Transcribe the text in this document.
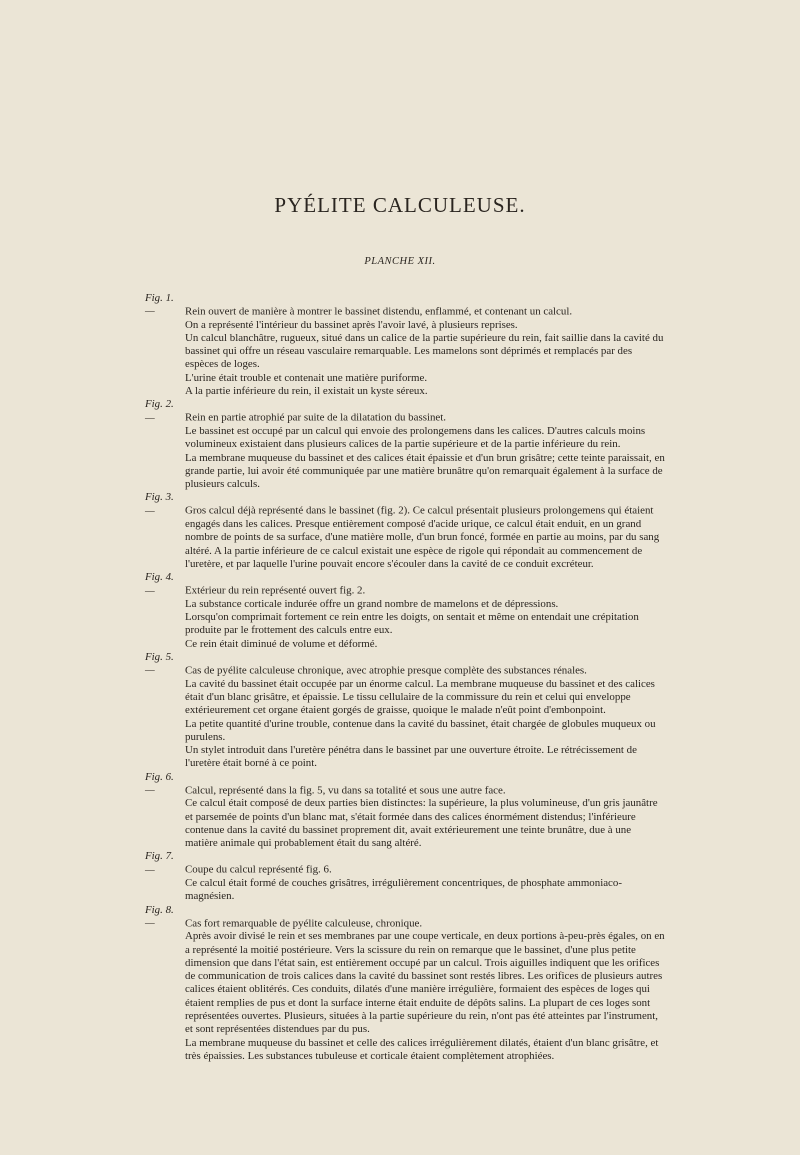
PYÉLITE CALCULEUSE.
PLANCHE XII.

Fig. 1. —	Rein ouvert de manière à montrer le bassinet distendu, enflammé, et contenant un calcul.

On a représenté l'intérieur du bassinet après l'avoir lavé, à plusieurs reprises.

Un calcul blanchâtre, rugueux, situé dans un calice de la partie supérieure du rein, fait saillie dans la cavité du bassinet qui offre un réseau vasculaire remarquable. Les mamelons sont déprimés et remplacés par des espèces de loges.

L'urine était trouble et contenait une matière puriforme.

A la partie inférieure du rein, il existait un kyste séreux.

Fig. 2. —	Rein en partie atrophié par suite de la dilatation du bassinet.

Le bassinet est occupé par un calcul qui envoie des prolongemens dans les calices. D'autres calculs moins volumineux existaient dans plusieurs calices de la partie supérieure et de la partie inférieure du rein.

La membrane muqueuse du bassinet et des calices était épaissie et d'un brun grisâtre; cette teinte paraissait, en grande partie, lui avoir été communiquée par une matière brunâtre qu'on remarquait également à la surface de plusieurs calculs.

Fig. 3. —	Gros calcul déjà représenté dans le bassinet (fig. 2). Ce calcul présentait plusieurs prolongemens qui étaient engagés dans les calices. Presque entièrement composé d'acide urique, ce calcul était enduit, en un grand nombre de points de sa surface, d'une matière molle, d'un brun foncé, formée en partie au moins, par du sang altéré. A la partie inférieure de ce calcul existait une espèce de rigole qui répondait au commencement de l'uretère, et par laquelle l'urine pouvait encore s'écouler dans la cavité de ce conduit excréteur.

Fig. 4. —	Extérieur du rein représenté ouvert fig. 2.

La substance corticale indurée offre un grand nombre de mamelons et de dépressions.

Lorsqu'on comprimait fortement ce rein entre les doigts, on sentait et même on entendait une crépitation produite par le frottement des calculs entre eux.

Ce rein était diminué de volume et déformé.

Fig. 5. —	Cas de pyélite calculeuse chronique, avec atrophie presque complète des substances rénales.

La cavité du bassinet était occupée par un énorme calcul. La membrane muqueuse du bassinet et des calices était d'un blanc grisâtre, et épaissie. Le tissu cellulaire de la commissure du rein et celui qui enveloppe extérieurement cet organe étaient gorgés de graisse, quoique le malade n'eût point d'embonpoint.

La petite quantité d'urine trouble, contenue dans la cavité du bassinet, était chargée de globules muqueux ou purulens.

Un stylet introduit dans l'uretère pénétra dans le bassinet par une ouverture étroite. Le rétrécissement de l'uretère était borné à ce point.

Fig. 6. —	Calcul, représenté dans la fig. 5, vu dans sa totalité et sous une autre face.

Ce calcul était composé de deux parties bien distinctes: la supérieure, la plus volumineuse, d'un gris jaunâtre et parsemée de points d'un blanc mat, s'était formée dans des calices énormément distendus; l'inférieure contenue dans la cavité du bassinet proprement dit, avait extérieurement une teinte brunâtre, due à une matière animale qui probablement était du sang altéré.

Fig. 7. —	Coupe du calcul représenté fig. 6.

Ce calcul était formé de couches grisâtres, irrégulièrement concentriques, de phosphate ammoniaco-magnésien.

Fig. 8. —	Cas fort remarquable de pyélite calculeuse, chronique.

Après avoir divisé le rein et ses membranes par une coupe verticale, en deux portions à-peu-près égales, on en a représenté la moitié postérieure. Vers la scissure du rein on remarque que le bassinet, d'une plus petite dimension que dans l'état sain, est entièrement occupé par un calcul. Trois aiguilles indiquent que les orifices de communication de trois calices dans la cavité du bassinet sont restés libres. Les orifices de plusieurs autres calices étaient oblitérés. Ces conduits, dilatés d'une manière irrégulière, formaient des espèces de loges qui étaient remplies de pus et dont la surface interne était enduite de dépôts salins. La plupart de ces loges sont représentées ouvertes. Plusieurs, situées à la partie supérieure du rein, n'ont pas été atteintes par l'instrument, et sont représentées distendues par du pus.

La membrane muqueuse du bassinet et celle des calices irrégulièrement dilatés, étaient d'un blanc grisâtre, et très épaissies. Les substances tubuleuse et corticale étaient complètement atrophiées.
